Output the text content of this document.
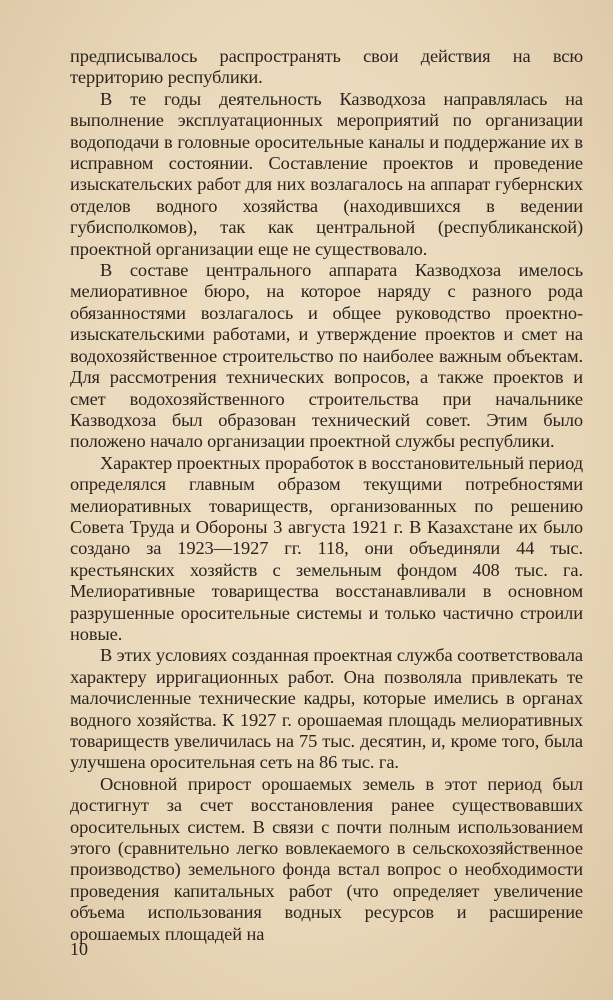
предписывалось распространять свои действия на всю территорию республики.

В те годы деятельность Казводхоза направлялась на выполнение эксплуатационных мероприятий по организации водоподачи в головные оросительные каналы и поддержание их в исправном состоянии. Составление проектов и проведение изыскательских работ для них возлагалось на аппарат губернских отделов водного хозяйства (находившихся в ведении губисполкомов), так как центральной (республиканской) проектной организации еще не существовало.

В составе центрального аппарата Казводхоза имелось мелиоративное бюро, на которое наряду с разного рода обязанностями возлагалось и общее руководство проектно-изыскательскими работами, и утверждение проектов и смет на водохозяйственное строительство по наиболее важным объектам. Для рассмотрения технических вопросов, а также проектов и смет водохозяйственного строительства при начальнике Казводхоза был образован технический совет. Этим было положено начало организации проектной службы республики.

Характер проектных проработок в восстановительный период определялся главным образом текущими потребностями мелиоративных товариществ, организованных по решению Совета Труда и Обороны 3 августа 1921 г. В Казахстане их было создано за 1923—1927 гг. 118, они объединяли 44 тыс. крестьянских хозяйств с земельным фондом 408 тыс. га. Мелиоративные товарищества восстанавливали в основном разрушенные оросительные системы и только частично строили новые.

В этих условиях созданная проектная служба соответствовала характеру ирригационных работ. Она позволяла привлекать те малочисленные технические кадры, которые имелись в органах водного хозяйства. К 1927 г. орошаемая площадь мелиоративных товариществ увеличилась на 75 тыс. десятин, и, кроме того, была улучшена оросительная сеть на 86 тыс. га.

Основной прирост орошаемых земель в этот период был достигнут за счет восстановления ранее существовавших оросительных систем. В связи с почти полным использованием этого (сравнительно легко вовлекаемого в сельскохозяйственное производство) земельного фонда встал вопрос о необходимости проведения капитальных работ (что определяет увеличение объема использования водных ресурсов и расширение орошаемых площадей на

10
